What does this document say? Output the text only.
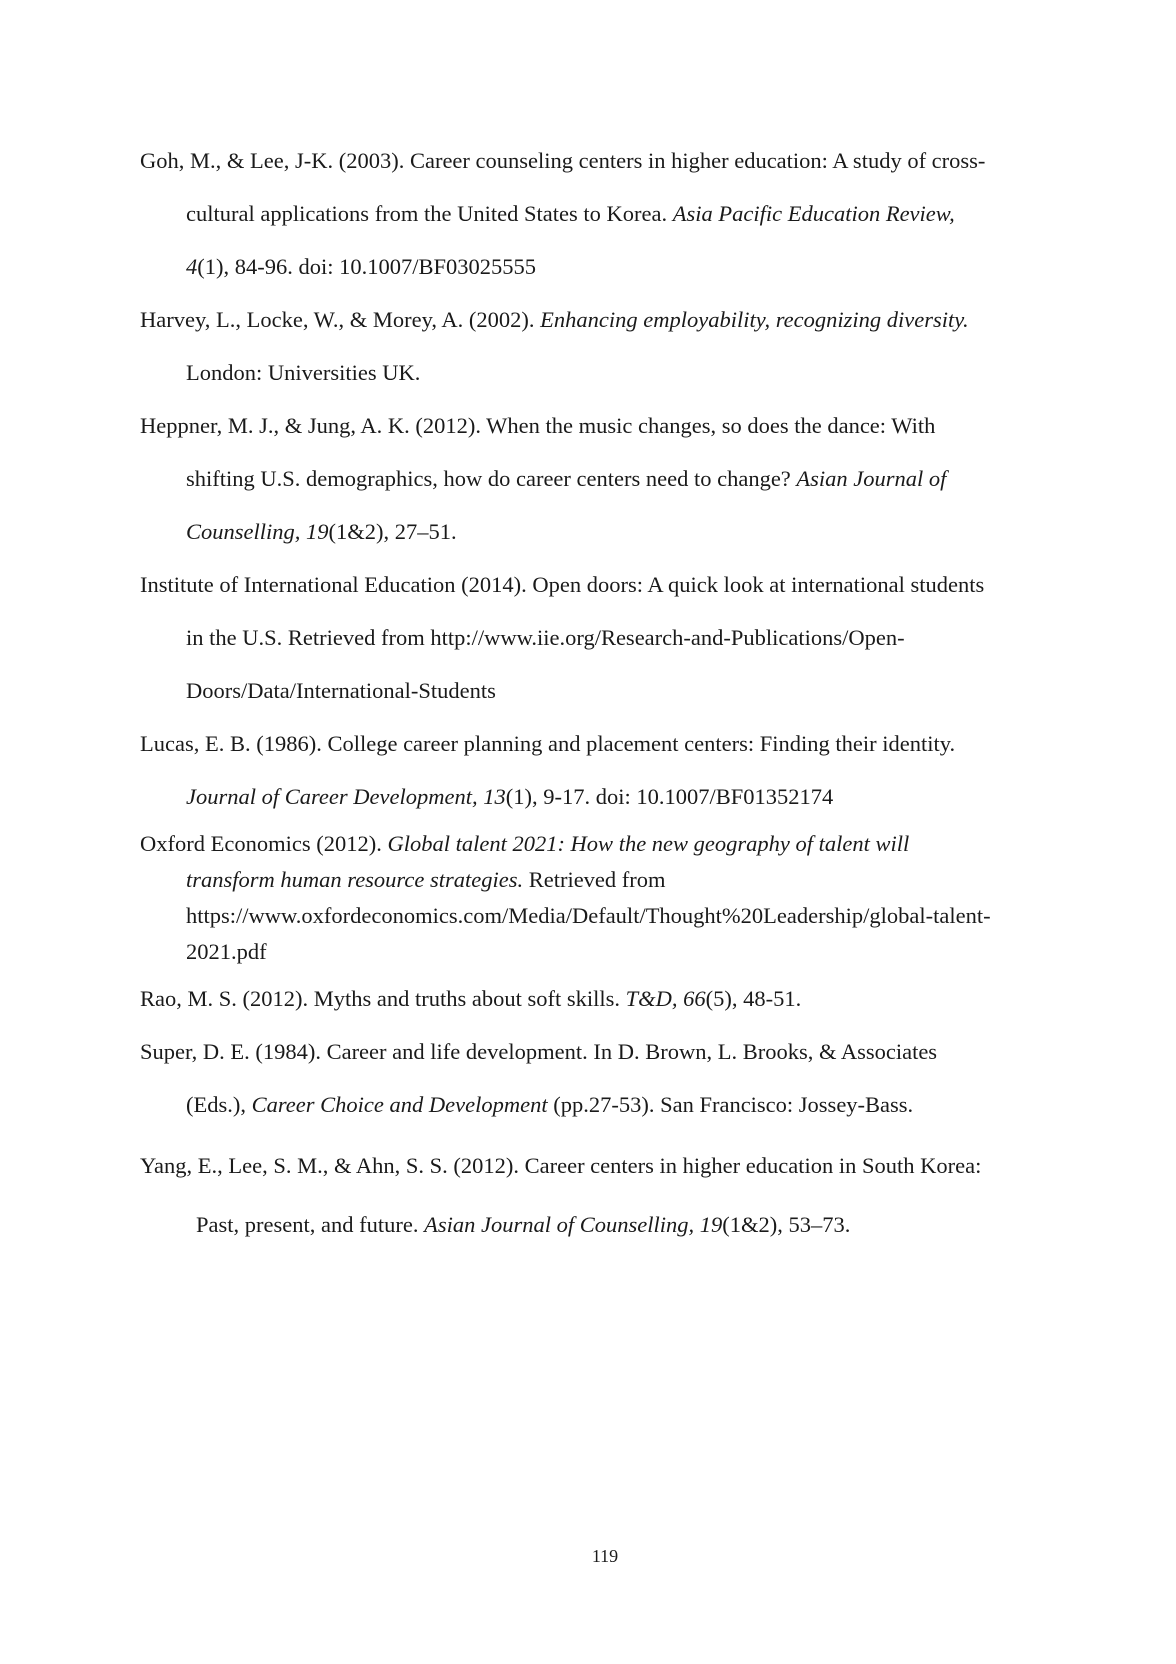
Goh, M., & Lee, J-K. (2003). Career counseling centers in higher education: A study of cross-

cultural applications from the United States to Korea. Asia Pacific Education Review,

4(1), 84-96. doi: 10.1007/BF03025555

Harvey, L., Locke, W., & Morey, A. (2002). Enhancing employability, recognizing diversity.

London: Universities UK.

Heppner, M. J., & Jung, A. K. (2012). When the music changes, so does the dance: With

shifting U.S. demographics, how do career centers need to change? Asian Journal of

Counselling, 19(1&2), 27–51.

Institute of International Education (2014). Open doors: A quick look at international students

in the U.S. Retrieved from http://www.iie.org/Research-and-Publications/Open-

Doors/Data/International-Students

Lucas, E. B. (1986). College career planning and placement centers: Finding their identity.

Journal of Career Development, 13(1), 9-17. doi: 10.1007/BF01352174

Oxford Economics (2012). Global talent 2021: How the new geography of talent will

transform human resource strategies. Retrieved from

https://www.oxfordeconomics.com/Media/Default/Thought%20Leadership/global-talent-

2021.pdf

Rao, M. S. (2012). Myths and truths about soft skills. T&D, 66(5), 48-51.

Super, D. E. (1984). Career and life development. In D. Brown, L. Brooks, & Associates

(Eds.), Career Choice and Development (pp.27-53). San Francisco: Jossey-Bass.

Yang, E., Lee, S. M., & Ahn, S. S. (2012). Career centers in higher education in South Korea:

Past, present, and future. Asian Journal of Counselling, 19(1&2), 53–73.

119
